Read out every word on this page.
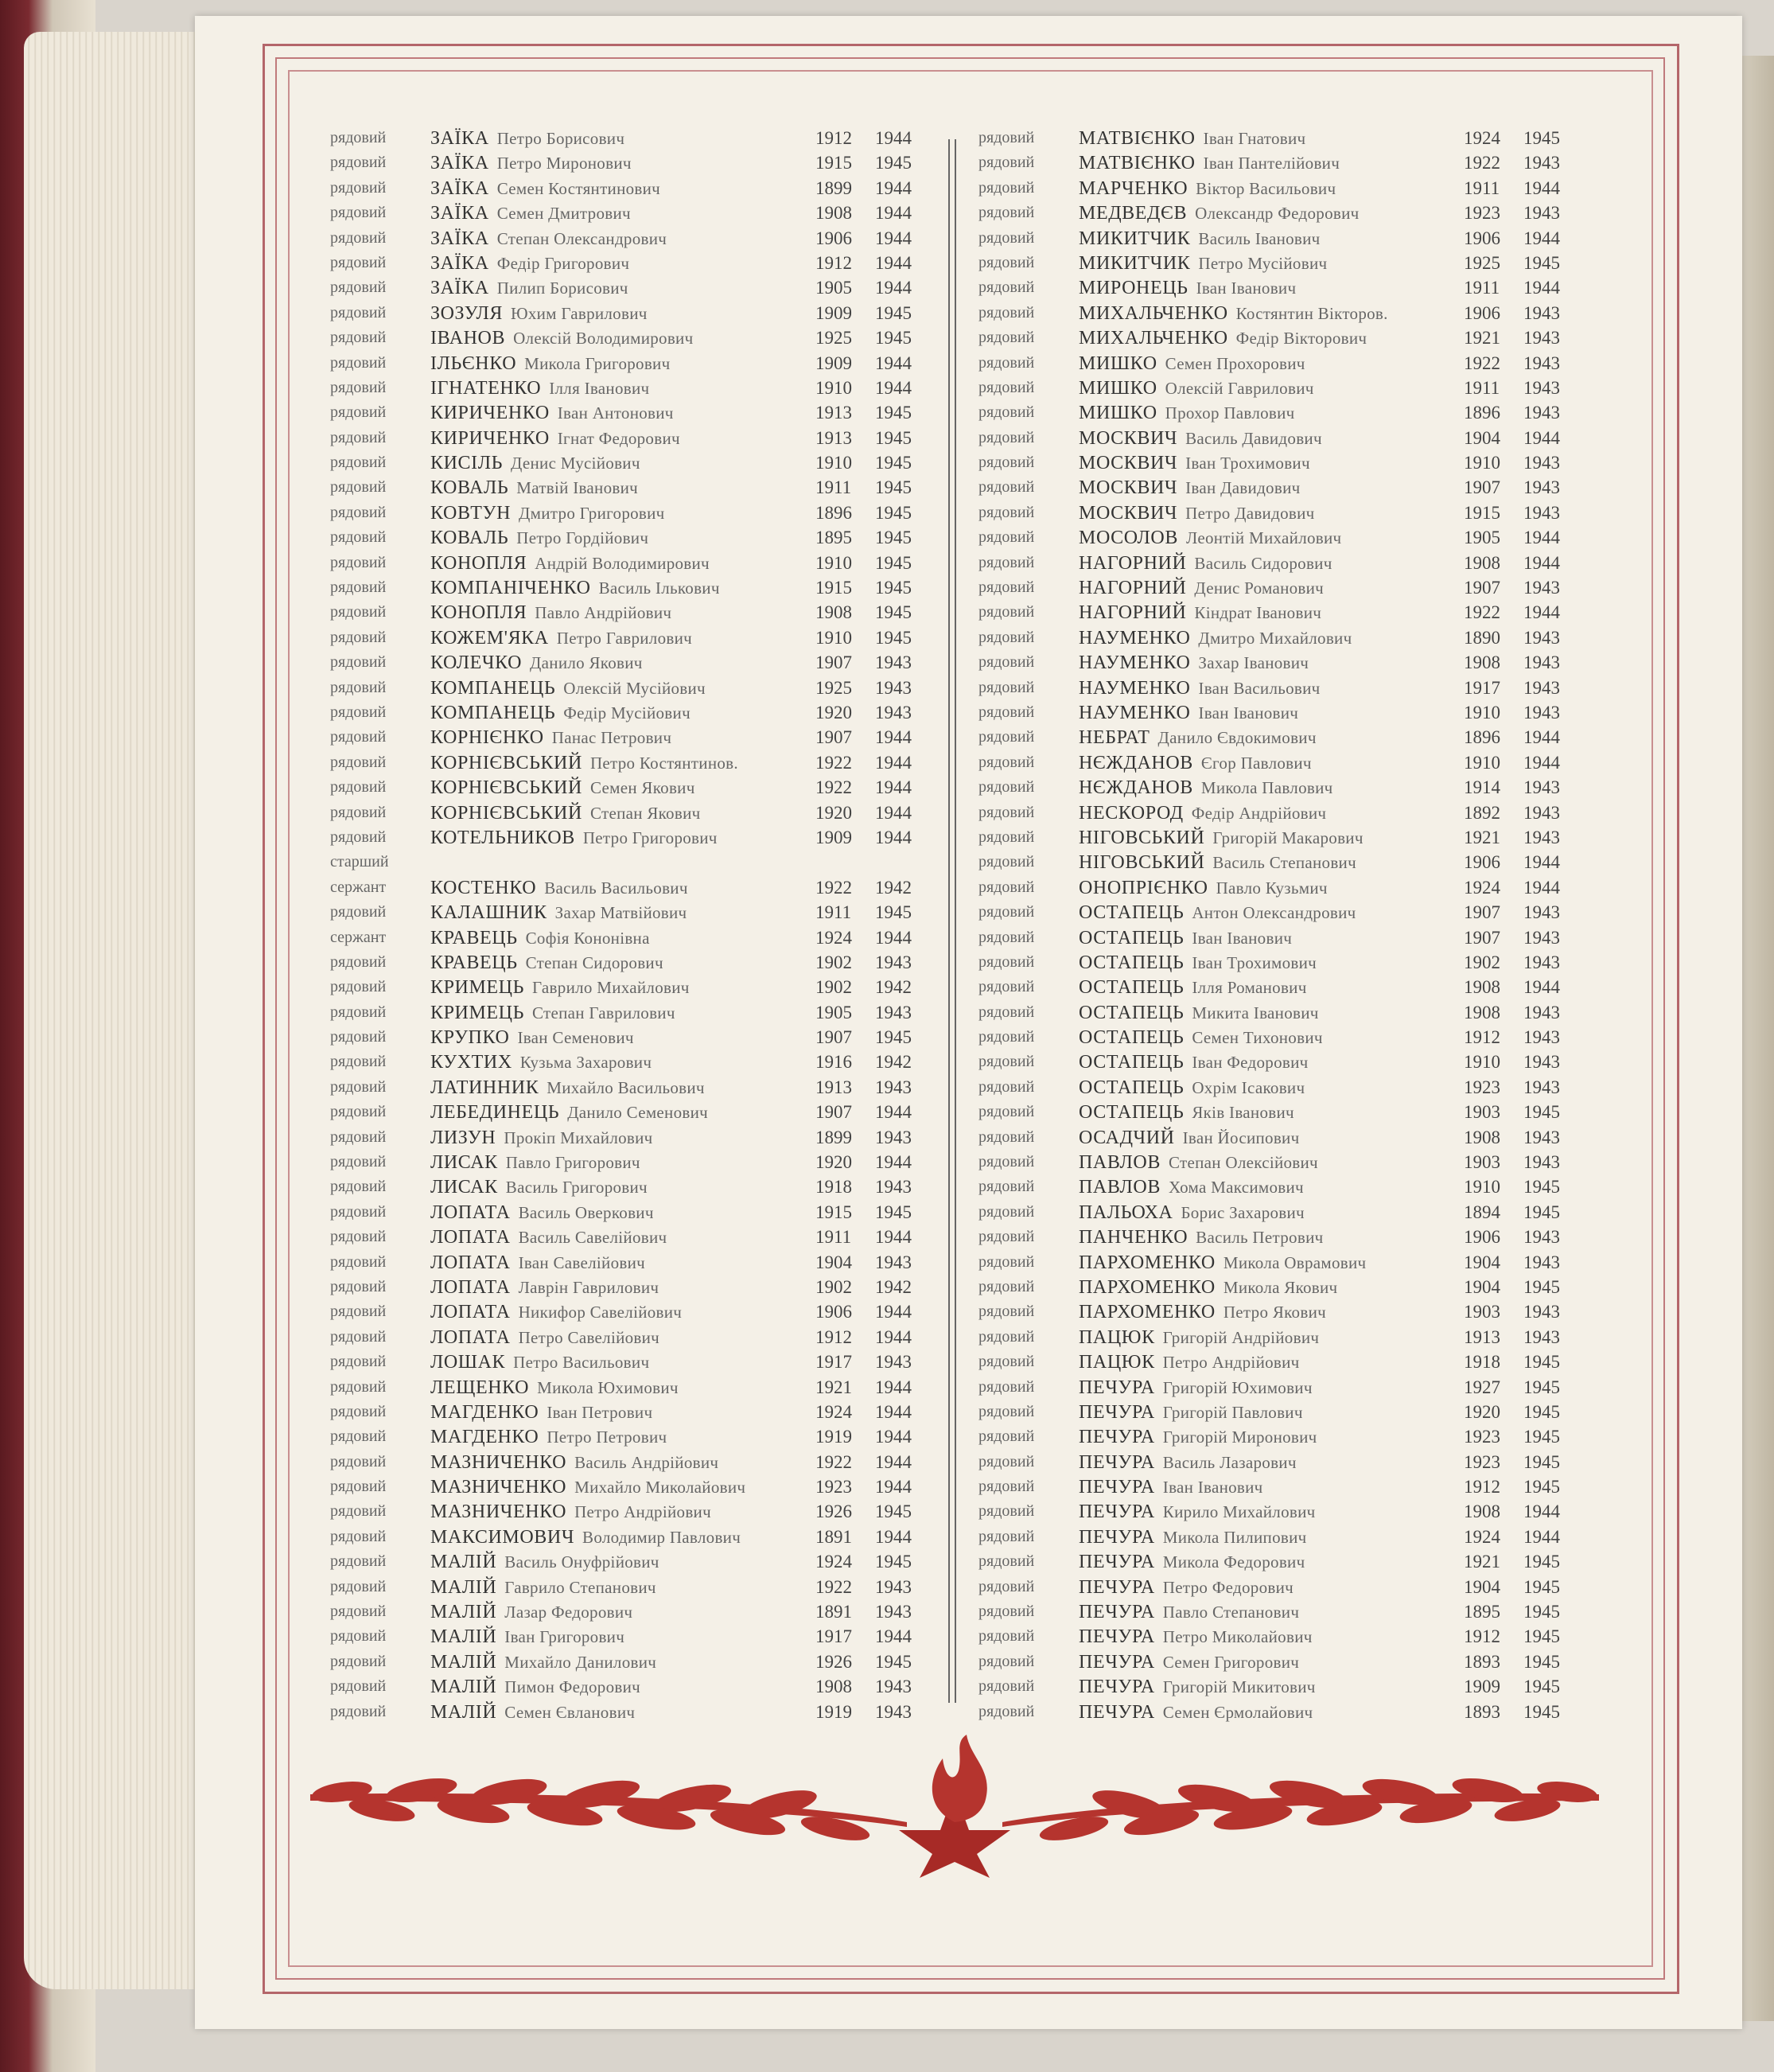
рядовий	ЗАЇКА Петро Борисович	1912 1944
рядовий	ЗАЇКА Петро Миронович	1915 1945
рядовий	ЗАЇКА Семен Костянтинович	1899 1944
рядовий	ЗАЇКА Семен Дмитрович	1908 1944
рядовий	ЗАЇКА Степан Олександрович	1906 1944
рядовий	ЗАЇКА Федір Григорович	1912 1944
рядовий	ЗАЇКА Пилип Борисович	1905 1944
рядовий	ЗОЗУЛЯ Юхим Гаврилович	1909 1945
рядовий	ІВАНОВ Олексій Володимирович	1925 1945
рядовий	ІЛЬЄНКО Микола Григорович	1909 1944
рядовий	ІГНАТЕНКО Ілля Іванович	1910 1944
рядовий	КИРИЧЕНКО Іван Антонович	1913 1945
рядовий	КИРИЧЕНКО Ігнат Федорович	1913 1945
рядовий	КИСІЛЬ Денис Мусійович	1910 1945
рядовий	КОВАЛЬ Матвій Іванович	1911 1945
рядовий	КОВТУН Дмитро Григорович	1896 1945
рядовий	КОВАЛЬ Петро Гордійович	1895 1945
рядовий	КОНОПЛЯ Андрій Володимирович	1910 1945
рядовий	КОМПАНІЧЕНКО Василь Ількович	1915 1945
рядовий	КОНОПЛЯ Павло Андрійович	1908 1945
рядовий	КОЖЕМ'ЯКА Петро Гаврилович	1910 1945
рядовий	КОЛЕЧКО Данило Якович	1907 1943
рядовий	КОМПАНЕЦЬ Олексій Мусійович	1925 1943
рядовий	КОМПАНЕЦЬ Федір Мусійович	1920 1943
рядовий	КОРНІЄНКО Панас Петрович	1907 1944
рядовий	КОРНІЄВСЬКИЙ Петро Костянтинов.	1922 1944
рядовий	КОРНІЄВСЬКИЙ Семен Якович	1922 1944
рядовий	КОРНІЄВСЬКИЙ Степан Якович	1920 1944
рядовий	КОТЕЛЬНИКОВ Петро Григорович	1909 1944
старший
сержант	КОСТЕНКО Василь Васильович	1922 1942
рядовий	КАЛАШНИК Захар Матвійович	1911 1945
сержант	КРАВЕЦЬ Софія Кононівна	1924 1944
рядовий	КРАВЕЦЬ Степан Сидорович	1902 1943
рядовий	КРИМЕЦЬ Гаврило Михайлович	1902 1942
рядовий	КРИМЕЦЬ Степан Гаврилович	1905 1943
рядовий	КРУПКО Іван Семенович	1907 1945
рядовий	КУХТИХ Кузьма Захарович	1916 1942
рядовий	ЛАТИННИК Михайло Васильович	1913 1943
рядовий	ЛЕБЕДИНЕЦЬ Данило Семенович	1907 1944
рядовий	ЛИЗУН Прокіп Михайлович	1899 1943
рядовий	ЛИСАК Павло Григорович	1920 1944
рядовий	ЛИСАК Василь Григорович	1918 1943
рядовий	ЛОПАТА Василь Оверкович	1915 1945
рядовий	ЛОПАТА Василь Савелійович	1911 1944
рядовий	ЛОПАТА Іван Савелійович	1904 1943
рядовий	ЛОПАТА Лаврін Гаврилович	1902 1942
рядовий	ЛОПАТА Никифор Савелійович	1906 1944
рядовий	ЛОПАТА Петро Савелійович	1912 1944
рядовий	ЛОШАК Петро Васильович	1917 1943
рядовий	ЛЕЩЕНКО Микола Юхимович	1921 1944
рядовий	МАГДЕНКО Іван Петрович	1924 1944
рядовий	МАГДЕНКО Петро Петрович	1919 1944
рядовий	МАЗНИЧЕНКО Василь Андрійович	1922 1944
рядовий	МАЗНИЧЕНКО Михайло Миколайович	1923 1944
рядовий	МАЗНИЧЕНКО Петро Андрійович	1926 1945
рядовий	МАКСИМОВИЧ Володимир Павлович	1891 1944
рядовий	МАЛІЙ Василь Онуфрійович	1924 1945
рядовий	МАЛІЙ Гаврило Степанович	1922 1943
рядовий	МАЛІЙ Лазар Федорович	1891 1943
рядовий	МАЛІЙ Іван Григорович	1917 1944
рядовий	МАЛІЙ Михайло Данилович	1926 1945
рядовий	МАЛІЙ Пимон Федорович	1908 1943
рядовий	МАЛІЙ Семен Євланович	1919 1943
рядовий	МАТВІЄНКО Іван Гнатович	1924 1945
рядовий	МАТВІЄНКО Іван Пантелійович	1922 1943
рядовий	МАРЧЕНКО Віктор Васильович	1911 1944
рядовий	МЕДВЕДЄВ Олександр Федорович	1923 1943
рядовий	МИКИТЧИК Василь Іванович	1906 1944
рядовий	МИКИТЧИК Петро Мусійович	1925 1945
рядовий	МИРОНЕЦЬ Іван Іванович	1911 1944
рядовий	МИХАЛЬЧЕНКО Костянтин Вікторов.	1906 1943
рядовий	МИХАЛЬЧЕНКО Федір Вікторович	1921 1943
рядовий	МИШКО Семен Прохорович	1922 1943
рядовий	МИШКО Олексій Гаврилович	1911 1943
рядовий	МИШКО Прохор Павлович	1896 1943
рядовий	МОСКВИЧ Василь Давидович	1904 1944
рядовий	МОСКВИЧ Іван Трохимович	1910 1943
рядовий	МОСКВИЧ Іван Давидович	1907 1943
рядовий	МОСКВИЧ Петро Давидович	1915 1943
рядовий	МОСОЛОВ Леонтій Михайлович	1905 1944
рядовий	НАГОРНИЙ Василь Сидорович	1908 1944
рядовий	НАГОРНИЙ Денис Романович	1907 1943
рядовий	НАГОРНИЙ Кіндрат Іванович	1922 1944
рядовий	НАУМЕНКО Дмитро Михайлович	1890 1943
рядовий	НАУМЕНКО Захар Іванович	1908 1943
рядовий	НАУМЕНКО Іван Васильович	1917 1943
рядовий	НАУМЕНКО Іван Іванович	1910 1943
рядовий	НЕБРАТ Данило Євдокимович	1896 1944
рядовий	НЄЖДАНОВ Єгор Павлович	1910 1944
рядовий	НЄЖДАНОВ Микола Павлович	1914 1943
рядовий	НЕСКОРОД Федір Андрійович	1892 1943
рядовий	НІГОВСЬКИЙ Григорій Макарович	1921 1943
рядовий	НІГОВСЬКИЙ Василь Степанович	1906 1944
рядовий	ОНОПРІЄНКО Павло Кузьмич	1924 1944
рядовий	ОСТАПЕЦЬ Антон Олександрович	1907 1943
рядовий	ОСТАПЕЦЬ Іван Іванович	1907 1943
рядовий	ОСТАПЕЦЬ Іван Трохимович	1902 1943
рядовий	ОСТАПЕЦЬ Ілля Романович	1908 1944
рядовий	ОСТАПЕЦЬ Микита Іванович	1908 1943
рядовий	ОСТАПЕЦЬ Семен Тихонович	1912 1943
рядовий	ОСТАПЕЦЬ Іван Федорович	1910 1943
рядовий	ОСТАПЕЦЬ Охрім Ісакович	1923 1943
рядовий	ОСТАПЕЦЬ Яків Іванович	1903 1945
рядовий	ОСАДЧИЙ Іван Йосипович	1908 1943
рядовий	ПАВЛОВ Степан Олексійович	1903 1943
рядовий	ПАВЛОВ Хома Максимович	1910 1945
рядовий	ПАЛЬОХА Борис Захарович	1894 1945
рядовий	ПАНЧЕНКО Василь Петрович	1906 1943
рядовий	ПАРХОМЕНКО Микола Оврамович	1904 1943
рядовий	ПАРХОМЕНКО Микола Якович	1904 1945
рядовий	ПАРХОМЕНКО Петро Якович	1903 1943
рядовий	ПАЦЮК Григорій Андрійович	1913 1943
рядовий	ПАЦЮК Петро Андрійович	1918 1945
рядовий	ПЕЧУРА Григорій Юхимович	1927 1945
рядовий	ПЕЧУРА Григорій Павлович	1920 1945
рядовий	ПЕЧУРА Григорій Миронович	1923 1945
рядовий	ПЕЧУРА Василь Лазарович	1923 1945
рядовий	ПЕЧУРА Іван Іванович	1912 1945
рядовий	ПЕЧУРА Кирило Михайлович	1908 1944
рядовий	ПЕЧУРА Микола Пилипович	1924 1944
рядовий	ПЕЧУРА Микола Федорович	1921 1945
рядовий	ПЕЧУРА Петро Федорович	1904 1945
рядовий	ПЕЧУРА Павло Степанович	1895 1945
рядовий	ПЕЧУРА Петро Миколайович	1912 1945
рядовий	ПЕЧУРА Семен Григорович	1893 1945
рядовий	ПЕЧУРА Григорій Микитович	1909 1945
рядовий	ПЕЧУРА Семен Єрмолайович	1893 1945
